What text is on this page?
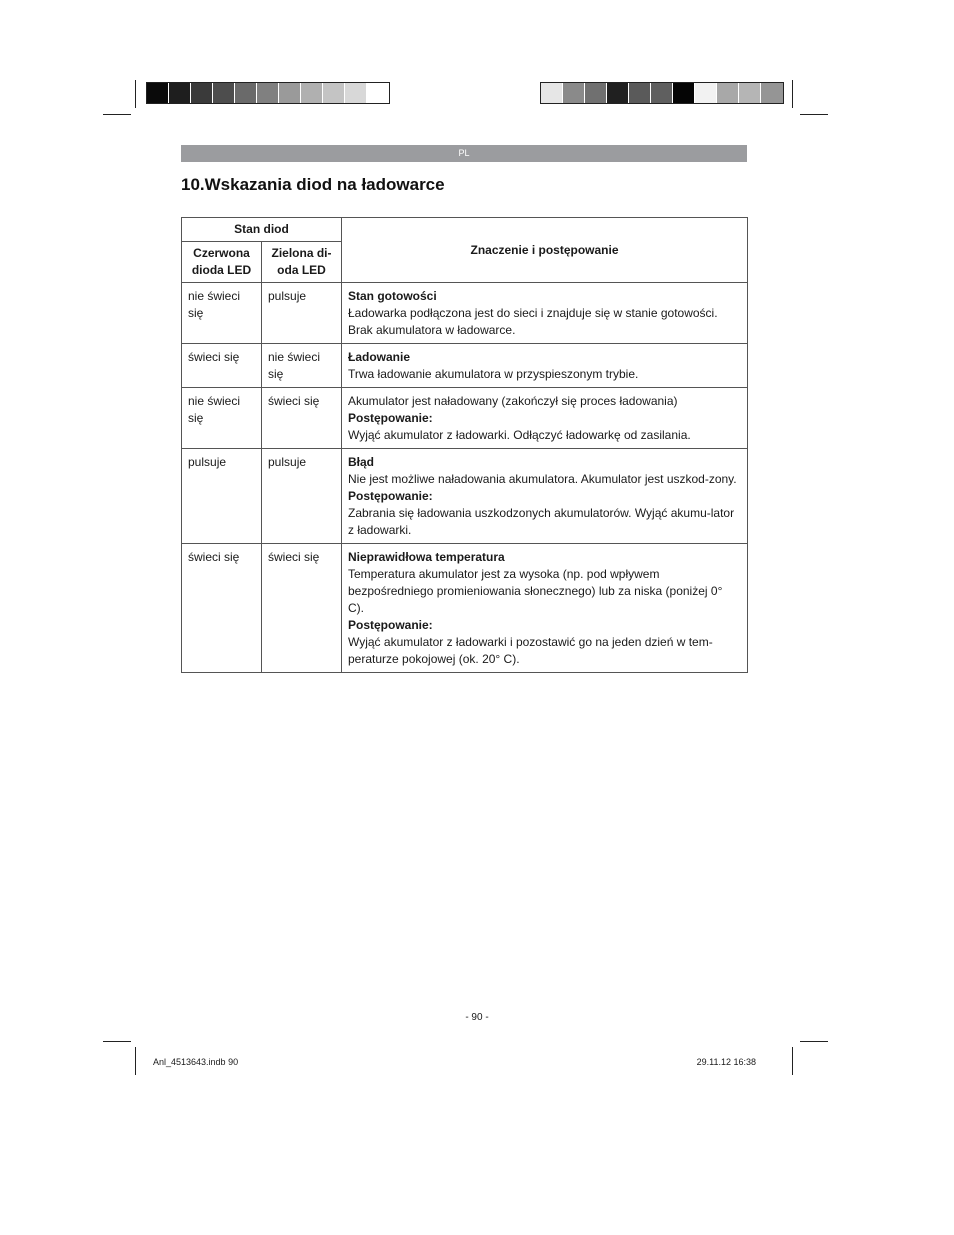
PL
10.Wskazania diod na ładowarce
Stan diod		Znaczenie i postępowanie
Czerwona dioda LED	Zielona di-oda LED	
nie świeci się	pulsuje	Stan gotowości
Ładowarka podłączona jest do sieci i znajduje się w stanie gotowości. Brak akumulatora w ładowarce.

świeci się	nie świeci się	Ładowanie
Trwa ładowanie akumulatora w przyspieszonym trybie.

nie świeci się	świeci się	Akumulator jest naładowany (zakończył się proces ładowania)
Postępowanie:
Wyjąć akumulator z ładowarki. Odłączyć ładowarkę od zasilania.

pulsuje	pulsuje	Błąd
Nie jest możliwe naładowania akumulatora. Akumulator jest uszkod-zony.
Postępowanie:
Zabrania się ładowania uszkodzonych akumulatorów. Wyjąć akumu-lator z ładowarki.

świeci się	świeci się	Nieprawidłowa temperatura
Temperatura akumulator jest za wysoka (np. pod wpływem bezpośredniego promieniowania słonecznego) lub za niska (poniżej 0° C).
Postępowanie:
Wyjąć akumulator z ładowarki i pozostawić go na jeden dzień w tem-peraturze pokojowej (ok. 20° C).
- 90 -
Anl_4513643.indb 90	29.11.12 16:38
